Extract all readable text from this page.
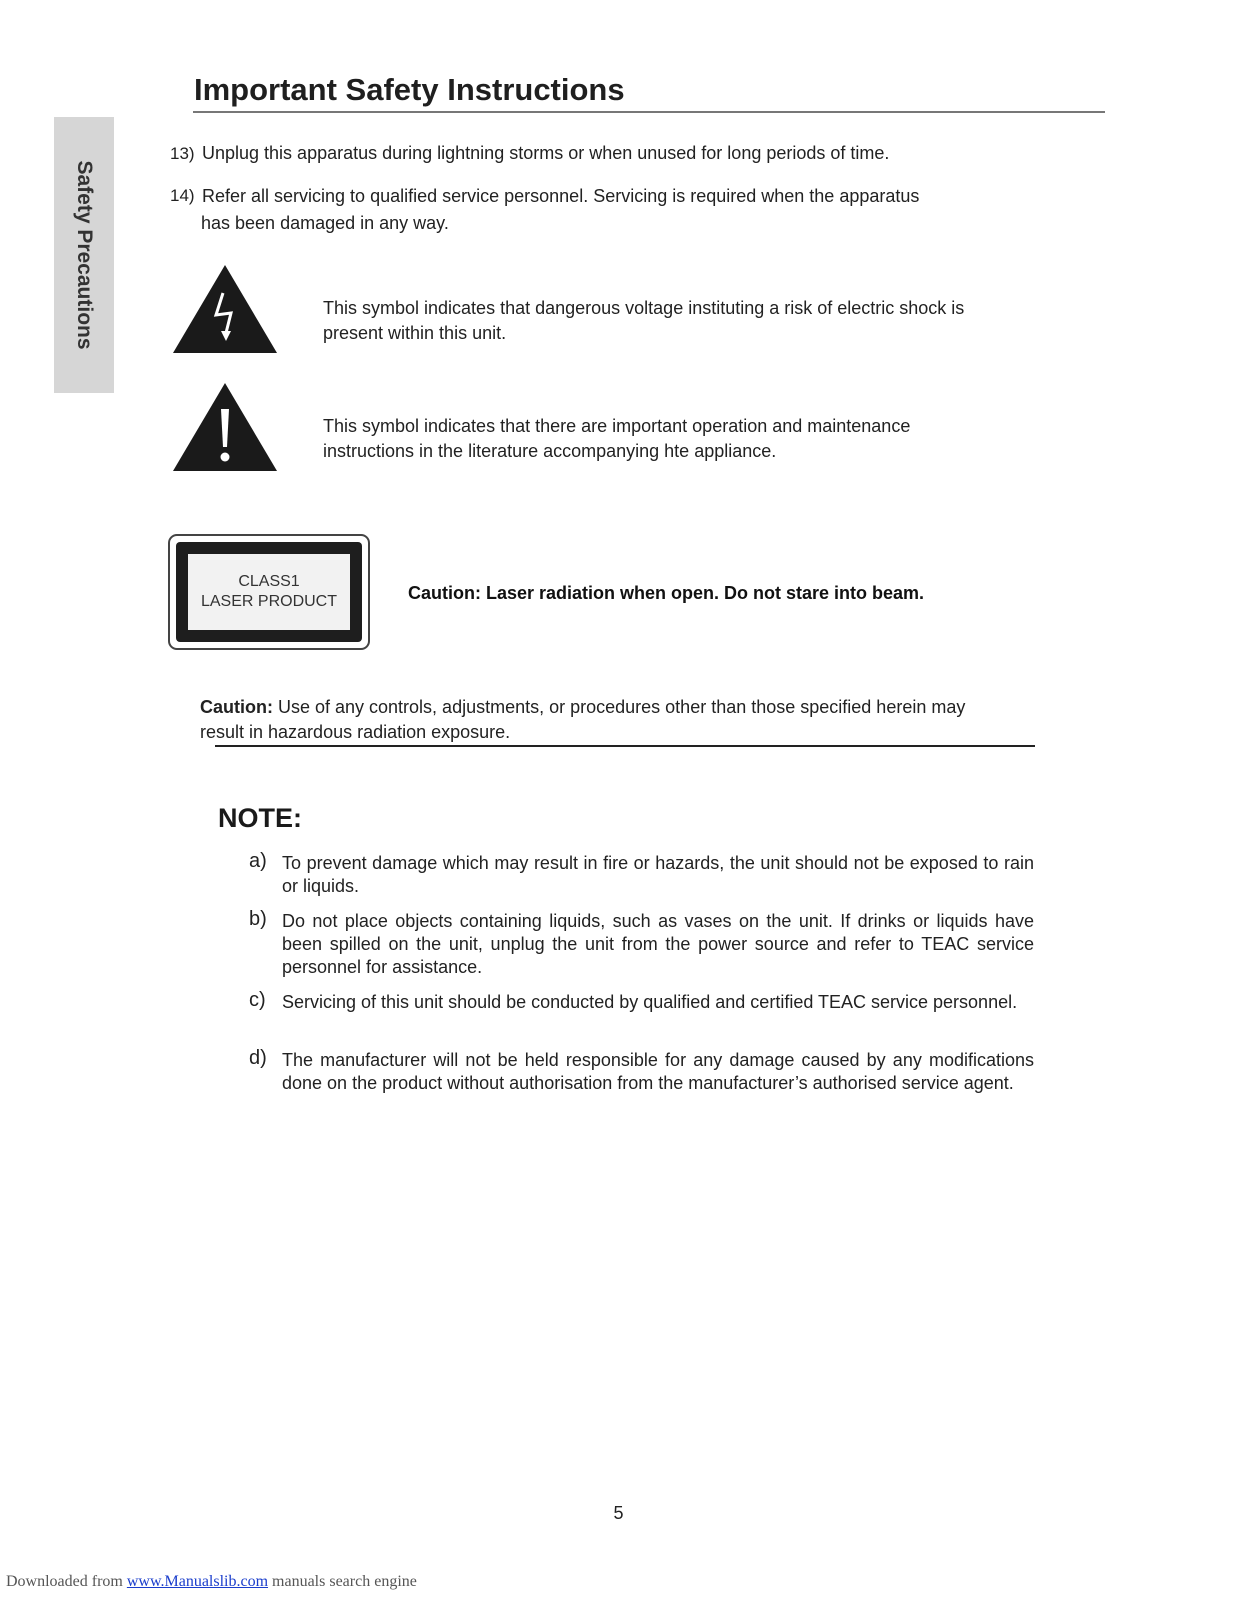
Safety Precautions
Important Safety Instructions
13) Unplug this apparatus during lightning storms or when unused for long periods of time.
14) Refer all servicing to qualified service personnel. Servicing is required when the apparatus
has been damaged in any way.
This symbol indicates that dangerous voltage instituting a risk of electric shock is
present within this unit.
This symbol indicates that there are important operation and maintenance
instructions in the literature accompanying hte appliance.
CLASS1
LASER PRODUCT	Caution: Laser radiation when open. Do not stare into beam.
Caution: Use of any controls, adjustments, or procedures other than those specified herein may
result in hazardous radiation exposure.
NOTE:
a) To prevent damage which may result in fire or hazards, the unit should not be exposed to rain or liquids.
b) Do not place objects containing liquids, such as vases on the unit. If drinks or liquids have been spilled on the unit, unplug the unit from the power source and refer to TEAC service personnel for assistance.
c) Servicing of this unit should be conducted by qualified and certified TEAC service personnel.
d) The manufacturer will not be held responsible for any damage caused by any modifications done on the product without authorisation from the manufacturer’s authorised service agent.
5
Downloaded from www.Manualslib.com manuals search engine
